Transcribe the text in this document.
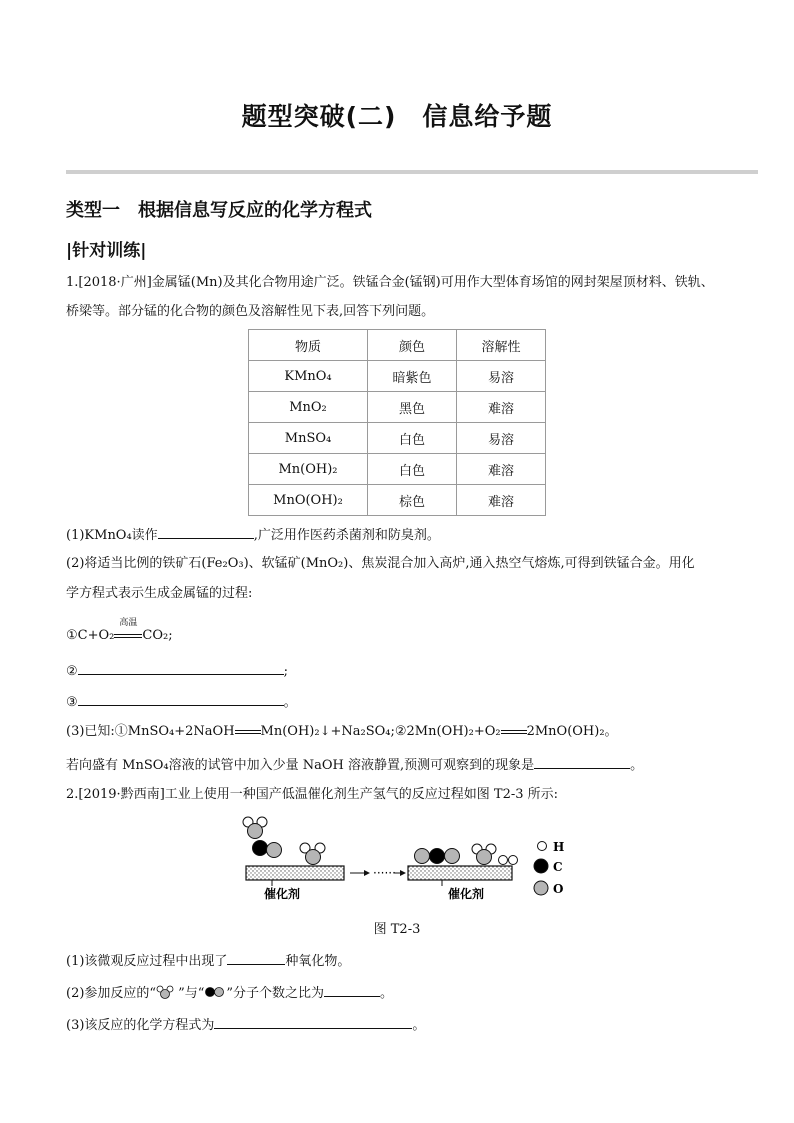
题型突破(二)　信息给予题
类型一　根据信息写反应的化学方程式
|针对训练|
1.[2018·广州]金属锰(Mn)及其化合物用途广泛。铁锰合金(锰钢)可用作大型体育场馆的网封架屋顶材料、铁轨、
桥梁等。部分锰的化合物的颜色及溶解性见下表,回答下列问题。
物质	颜色	溶解性
KMnO₄	暗紫色	易溶
MnO₂	黑色	难溶
MnSO₄	白色	易溶
Mn(OH)₂	白色	难溶
MnO(OH)₂	棕色	难溶
(1)KMnO₄读作	,广泛用作医药杀菌剂和防臭剂。
(2)将适当比例的铁矿石(Fe₂O₃)、软锰矿(MnO₂)、焦炭混合加入高炉,通入热空气熔炼,可得到铁锰合金。用化
学方程式表示生成金属锰的过程:
①C+O₂
高温
CO₂;
②	;
③	。
(3)已知:①MnSO₄+2NaOH Mn(OH)₂↓+Na₂SO₄;②2Mn(OH)₂+O₂ 2MnO(OH)₂。
若向盛有 MnSO₄溶液的试管中加入少量 NaOH 溶液静置,预测可观察到的现象是	。
2.[2019·黔西南]工业上使用一种国产低温催化剂生产氢气的反应过程如图 T2-3 所示:
催化剂
······
催化剂
H
C
O
图 T2-3
(1)该微观反应过程中出现了	种氧化物。
(2)参加反应的“ ”与“ ”分子个数之比为	。
(3)该反应的化学方程式为	。
